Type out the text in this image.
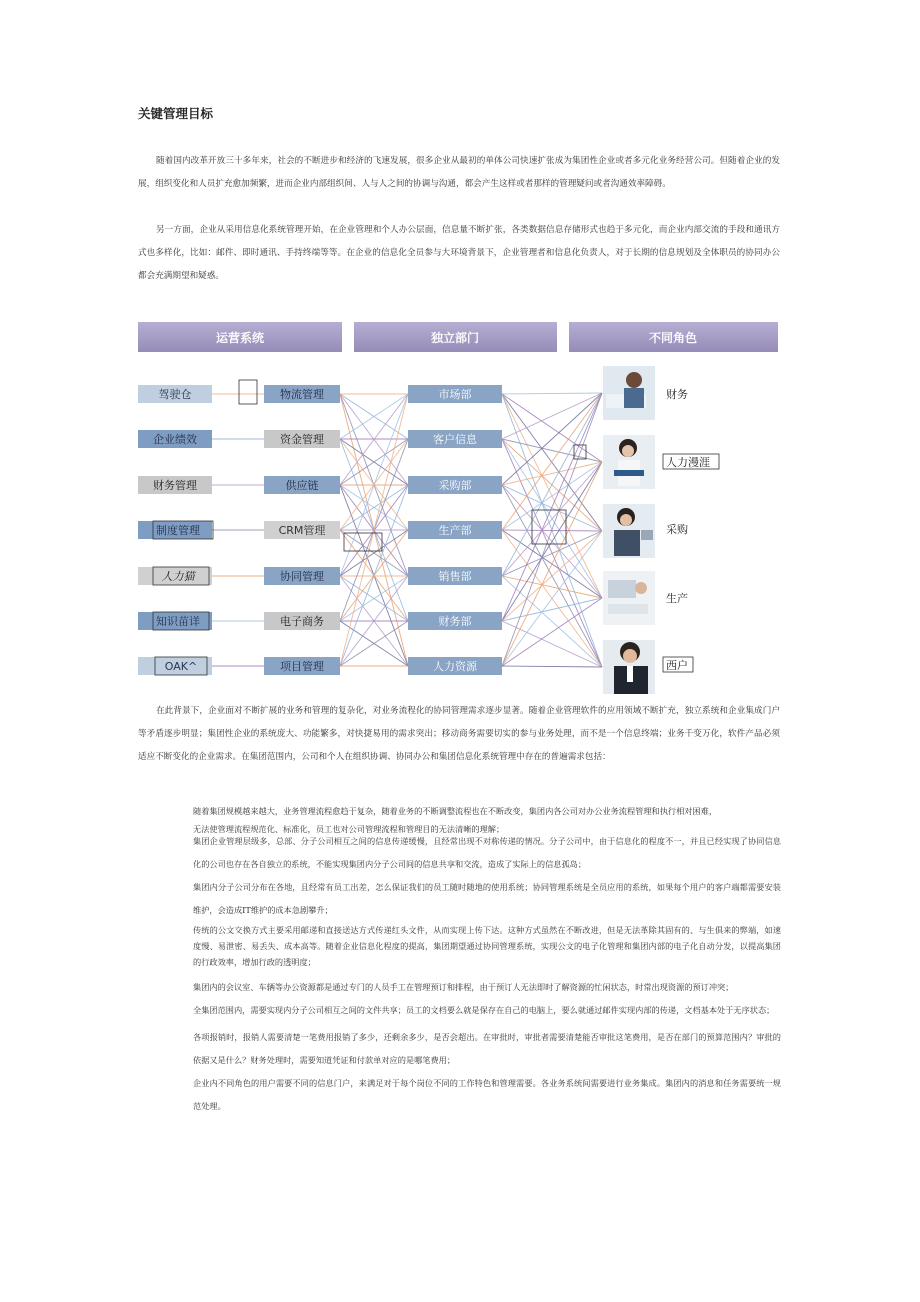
关键管理目标

随着国内改革开放三十多年来，社会的不断进步和经济的飞速发展，很多企业从最初的单体公司快速扩张成为集团性企业或者多元化业务经营公司。但随着企业的发展，组织变化和人员扩充愈加频繁，进而企业内部组织间、人与人之间的协调与沟通，都会产生这样或者那样的管理疑问或者沟通效率障碍。

另一方面，企业从采用信息化系统管理开始，在企业管理和个人办公层面，信息量不断扩张，各类数据信息存储形式也趋于多元化，而企业内部交流的手段和通讯方式也多样化，比如：邮件、即时通讯、手持终端等等。在企业的信息化全员参与大环境背景下，企业管理者和信息化负责人，对于长期的信息规划及全体职员的协同办公都会充满期望和疑惑。

运营系统	独立部门	不同角色
驾驶仓
企业绩效
财务管理
制度管理
人力猫
知识苗详
OAK^
物流管理
资金管理
供应链
CRM管理
协同管理
电子商务
项目管理
市场部
客户信息
采购部
生产部
销售部
财务部
人力资源
财务
人力漫涯
采购
生产
西户

在此背景下，企业面对不断扩展的业务和管理的复杂化，对业务流程化的协同管理需求逐步显著。随着企业管理软件的应用领域不断扩充，独立系统和企业集成门户等矛盾逐步明显；集团性企业的系统庞大、功能繁多，对快捷易用的需求突出；移动商务需要切实的参与业务处理，而不是一个信息终端；业务千变万化，软件产品必须适应不断变化的企业需求。在集团范围内，公司和个人在组织协调、协同办公和集团信息化系统管理中存在的普遍需求包括：

随着集团规模越来越大，业务管理流程愈趋于复杂，随着业务的不断调整流程也在不断改变，集团内各公司对办公业务流程管理和执行相对困难，

无法使管理流程规范化、标准化，员工也对公司管理流程和管理目的无法清晰的理解；

集团企业管理层级多，总部、分子公司相互之间的信息传递缓慢，且经常出现不对称传递的情况。分子公司中，由于信息化的程度不一，并且已经实现了协同信息化的公司也存在各自独立的系统，不能实现集团内分子公司间的信息共享和交流，造成了实际上的信息孤岛；

集团内分子公司分布在各地，且经常有员工出差，怎么保证我们的员工随时随地的使用系统；协同管理系统是全员应用的系统，如果每个用户的客户端都需要安装维护，会造成IT维护的成本急剧攀升；

传统的公文交换方式主要采用邮递和直接送达方式传递红头文件，从而实现上传下达。这种方式虽然在不断改进，但是无法革除其固有的、与生俱来的弊端，如速度慢、易泄密、易丢失、成本高等。随着企业信息化程度的提高，集团期望通过协同管理系统，实现公文的电子化管理和集团内部的电子化自动分发，以提高集团的行政效率，增加行政的透明度；

集团内的会议室、车辆等办公资源都是通过专门的人员手工在管理预订和排程，由于预订人无法即时了解资源的忙闲状态，时常出现资源的预订冲突；

全集团范围内，需要实现内分子公司相互之间的文件共享；员工的文档要么就是保存在自己的电脑上，要么就通过邮件实现内部的传递，文档基本处于无序状态；

各项报销时，报销人需要清楚一笔费用报销了多少，还剩余多少，是否会超出。在审批时，审批者需要清楚能否审批这笔费用，是否在部门的预算范围内？审批的依据又是什么？财务处理时，需要知道凭证和付款单对应的是哪笔费用；

企业内不同角色的用户需要不同的信息门户，来满足对于每个岗位不同的工作特色和管理需要。各业务系统间需要进行业务集成。集团内的消息和任务需要统一规范处理。
